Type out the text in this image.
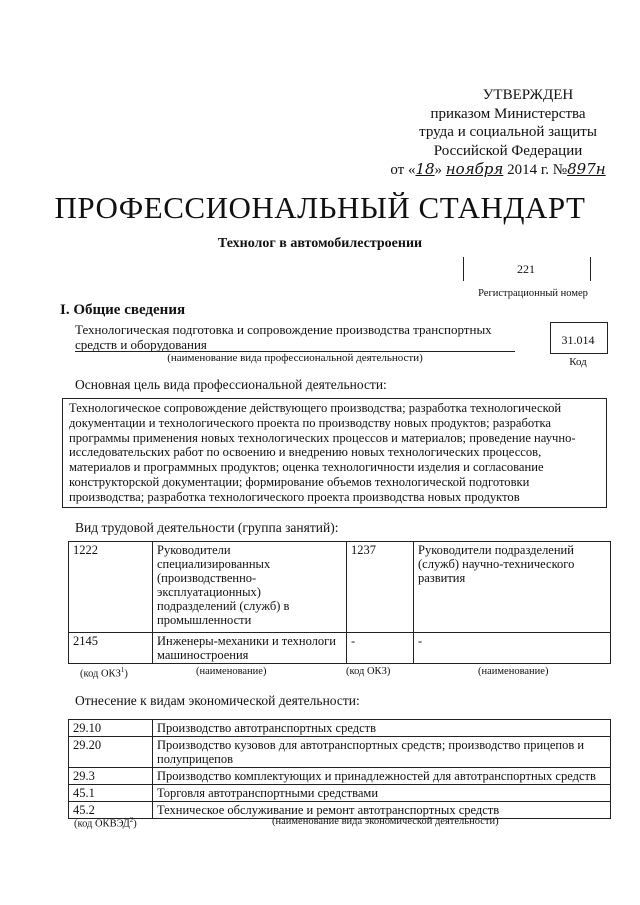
УТВЕРЖДЕН
приказом Министерства
труда и социальной защиты
Российской Федерации
от «18» ноября 2014 г. №897н
ПРОФЕССИОНАЛЬНЫЙ СТАНДАРТ
Технолог в автомобилестроении
221
Регистрационный номер
I. Общие сведения
Технологическая подготовка и сопровождение производства транспортных средств и оборудования
(наименование вида профессиональной деятельности)
31.014
Код
Основная цель вида профессиональной деятельности:
Технологическое сопровождение действующего производства; разработка технологической документации и технологического проекта по производству новых продуктов; разработка программы применения новых технологических процессов и материалов; проведение научно-исследовательских работ по освоению и внедрению новых технологических процессов, материалов и программных продуктов; оценка технологичности изделия и согласование конструкторской документации; формирование объемов технологической подготовки производства; разработка технологического проекта производства новых продуктов
Вид трудовой деятельности (группа занятий):
1222	Руководители специализированных (производственно-эксплуатационных) подразделений (служб) в промышленности	1237	Руководители подразделений (служб) научно-технического развития
2145	Инженеры-механики и технологи машиностроения	-	-
(код ОКЗ$^1$)	(наименование)	(код ОКЗ)	(наименование)
Отнесение к видам экономической деятельности:
29.10	Производство автотранспортных средств
29.20	Производство кузовов для автотранспортных средств; производство прицепов и полуприцепов
29.3	Производство комплектующих и принадлежностей для автотранспортных средств
45.1	Торговля автотранспортными средствами
45.2	Техническое обслуживание и ремонт автотранспортных средств
(код ОКВЭД$^2$)	(наименование вида экономической деятельности)
